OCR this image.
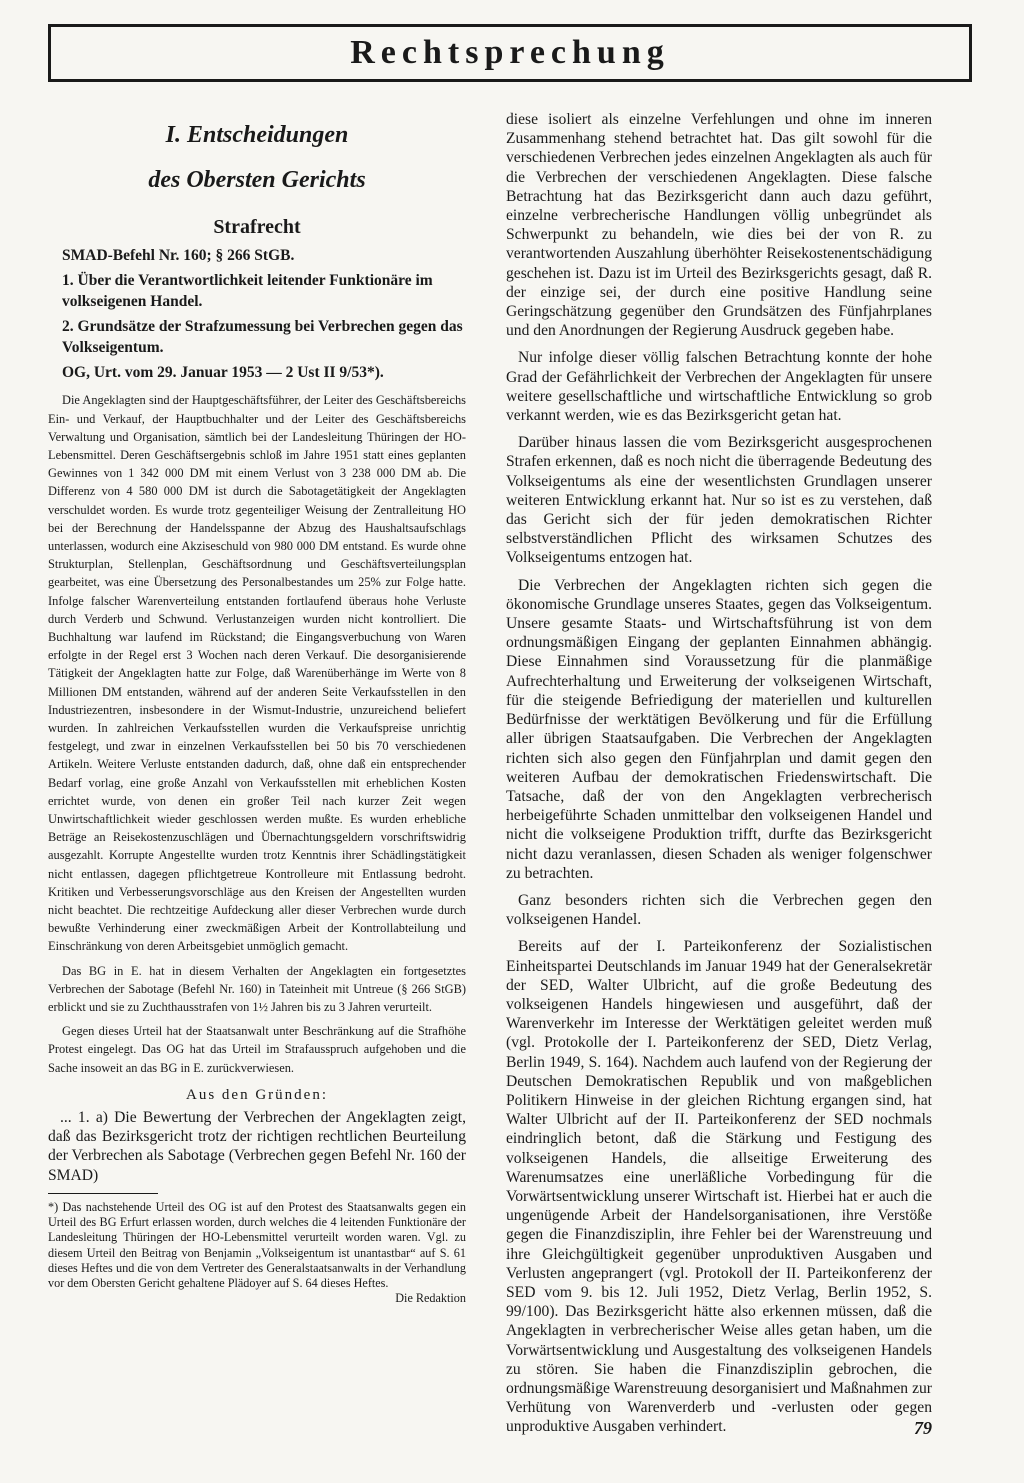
Rechtsprechung
I. Entscheidungen
des Obersten Gerichts
Strafrecht
SMAD-Befehl Nr. 160; § 266 StGB.
1. Über die Verantwortlichkeit leitender Funktionäre im volkseigenen Handel.
2. Grundsätze der Strafzumessung bei Verbrechen gegen das Volkseigentum.
OG, Urt. vom 29. Januar 1953 — 2 Ust II 9/53*).

Die Angeklagten sind der Hauptgeschäftsführer, der Leiter des Geschäftsbereichs Ein- und Verkauf, der Hauptbuchhalter und der Leiter des Geschäftsbereichs Verwaltung und Organisation, sämtlich bei der Landesleitung Thüringen der HO-Lebensmittel. Deren Geschäftsergebnis schloß im Jahre 1951 statt eines geplanten Gewinnes von 1 342 000 DM mit einem Verlust von 3 238 000 DM ab. Die Differenz von 4 580 000 DM ist durch die Sabotagetätigkeit der Angeklagten verschuldet worden. Es wurde trotz gegenteiliger Weisung der Zentralleitung HO bei der Berechnung der Handelsspanne der Abzug des Haushaltsaufschlags unterlassen, wodurch eine Akziseschuld von 980 000 DM entstand. Es wurde ohne Strukturplan, Stellenplan, Geschäftsordnung und Geschäftsverteilungsplan gearbeitet, was eine Übersetzung des Personalbestandes um 25% zur Folge hatte. Infolge falscher Warenverteilung entstanden fortlaufend überaus hohe Verluste durch Verderb und Schwund. Verlustanzeigen wurden nicht kontrolliert. Die Buchhaltung war laufend im Rückstand; die Eingangsverbuchung von Waren erfolgte in der Regel erst 3 Wochen nach deren Verkauf. Die desorganisierende Tätigkeit der Angeklagten hatte zur Folge, daß Warenüberhänge im Werte von 8 Millionen DM entstanden, während auf der anderen Seite Verkaufsstellen in den Industriezentren, insbesondere in der Wismut-Industrie, unzureichend beliefert wurden. In zahlreichen Verkaufsstellen wurden die Verkaufspreise unrichtig festgelegt, und zwar in einzelnen Verkaufsstellen bei 50 bis 70 verschiedenen Artikeln. Weitere Verluste entstanden dadurch, daß, ohne daß ein entsprechender Bedarf vorlag, eine große Anzahl von Verkaufsstellen mit erheblichen Kosten errichtet wurde, von denen ein großer Teil nach kurzer Zeit wegen Unwirtschaftlichkeit wieder geschlossen werden mußte. Es wurden erhebliche Beträge an Reisekostenzuschlägen und Übernachtungsgeldern vorschriftswidrig ausgezahlt. Korrupte Angestellte wurden trotz Kenntnis ihrer Schädlingstätigkeit nicht entlassen, dagegen pflichtgetreue Kontrolleure mit Entlassung bedroht. Kritiken und Verbesserungsvorschläge aus den Kreisen der Angestellten wurden nicht beachtet. Die rechtzeitige Aufdeckung aller dieser Verbrechen wurde durch bewußte Verhinderung einer zweckmäßigen Arbeit der Kontrollabteilung und Einschränkung von deren Arbeitsgebiet unmöglich gemacht.

Das BG in E. hat in diesem Verhalten der Angeklagten ein fortgesetztes Verbrechen der Sabotage (Befehl Nr. 160) in Tateinheit mit Untreue (§ 266 StGB) erblickt und sie zu Zuchthausstrafen von 1½ Jahren bis zu 3 Jahren verurteilt.

Gegen dieses Urteil hat der Staatsanwalt unter Beschränkung auf die Strafhöhe Protest eingelegt. Das OG hat das Urteil im Strafausspruch aufgehoben und die Sache insoweit an das BG in E. zurückverwiesen.

Aus den Gründen:

... 1. a) Die Bewertung der Verbrechen der Angeklagten zeigt, daß das Bezirksgericht trotz der richtigen rechtlichen Beurteilung der Verbrechen als Sabotage (Verbrechen gegen Befehl Nr. 160 der SMAD)

*) Das nachstehende Urteil des OG ist auf den Protest des Staatsanwalts gegen ein Urteil des BG Erfurt erlassen worden, durch welches die 4 leitenden Funktionäre der Landesleitung Thüringen der HO-Lebensmittel verurteilt worden waren. Vgl. zu diesem Urteil den Beitrag von Benjamin „Volkseigentum ist unantastbar“ auf S. 61 dieses Heftes und die von dem Vertreter des Generalstaatsanwalts in der Verhandlung vor dem Obersten Gericht gehaltene Plädoyer auf S. 64 dieses Heftes.

Die Redaktion

diese isoliert als einzelne Verfehlungen und ohne im inneren Zusammenhang stehend betrachtet hat. Das gilt sowohl für die verschiedenen Verbrechen jedes einzelnen Angeklagten als auch für die Verbrechen der verschiedenen Angeklagten. Diese falsche Betrachtung hat das Bezirksgericht dann auch dazu geführt, einzelne verbrecherische Handlungen völlig unbegründet als Schwerpunkt zu behandeln, wie dies bei der von R. zu verantwortenden Auszahlung überhöhter Reisekostenentschädigung geschehen ist. Dazu ist im Urteil des Bezirksgerichts gesagt, daß R. der einzige sei, der durch eine positive Handlung seine Geringschätzung gegenüber den Grundsätzen des Fünfjahrplanes und den Anordnungen der Regierung Ausdruck gegeben habe.

Nur infolge dieser völlig falschen Betrachtung konnte der hohe Grad der Gefährlichkeit der Verbrechen der Angeklagten für unsere weitere gesellschaftliche und wirtschaftliche Entwicklung so grob verkannt werden, wie es das Bezirksgericht getan hat.

Darüber hinaus lassen die vom Bezirksgericht ausgesprochenen Strafen erkennen, daß es noch nicht die überragende Bedeutung des Volkseigentums als eine der wesentlichsten Grundlagen unserer weiteren Entwicklung erkannt hat. Nur so ist es zu verstehen, daß das Gericht sich der für jeden demokratischen Richter selbstverständlichen Pflicht des wirksamen Schutzes des Volkseigentums entzogen hat.

Die Verbrechen der Angeklagten richten sich gegen die ökonomische Grundlage unseres Staates, gegen das Volkseigentum. Unsere gesamte Staats- und Wirtschaftsführung ist von dem ordnungsmäßigen Eingang der geplanten Einnahmen abhängig. Diese Einnahmen sind Voraussetzung für die planmäßige Aufrechterhaltung und Erweiterung der volkseigenen Wirtschaft, für die steigende Befriedigung der materiellen und kulturellen Bedürfnisse der werktätigen Bevölkerung und für die Erfüllung aller übrigen Staatsaufgaben. Die Verbrechen der Angeklagten richten sich also gegen den Fünfjahrplan und damit gegen den weiteren Aufbau der demokratischen Friedenswirtschaft. Die Tatsache, daß der von den Angeklagten verbrecherisch herbeigeführte Schaden unmittelbar den volkseigenen Handel und nicht die volkseigene Produktion trifft, durfte das Bezirksgericht nicht dazu veranlassen, diesen Schaden als weniger folgenschwer zu betrachten.

Ganz besonders richten sich die Verbrechen gegen den volkseigenen Handel.

Bereits auf der I. Parteikonferenz der Sozialistischen Einheitspartei Deutschlands im Januar 1949 hat der Generalsekretär der SED, Walter Ulbricht, auf die große Bedeutung des volkseigenen Handels hingewiesen und ausgeführt, daß der Warenverkehr im Interesse der Werktätigen geleitet werden muß (vgl. Protokolle der I. Parteikonferenz der SED, Dietz Verlag, Berlin 1949, S. 164). Nachdem auch laufend von der Regierung der Deutschen Demokratischen Republik und von maßgeblichen Politikern Hinweise in der gleichen Richtung ergangen sind, hat Walter Ulbricht auf der II. Parteikonferenz der SED nochmals eindringlich betont, daß die Stärkung und Festigung des volkseigenen Handels, die allseitige Erweiterung des Warenumsatzes eine unerläßliche Vorbedingung für die Vorwärtsentwicklung unserer Wirtschaft ist. Hierbei hat er auch die ungenügende Arbeit der Handelsorganisationen, ihre Verstöße gegen die Finanzdisziplin, ihre Fehler bei der Warenstreuung und ihre Gleichgültigkeit gegenüber unproduktiven Ausgaben und Verlusten angeprangert (vgl. Protokoll der II. Parteikonferenz der SED vom 9. bis 12. Juli 1952, Dietz Verlag, Berlin 1952, S. 99/100). Das Bezirksgericht hätte also erkennen müssen, daß die Angeklagten in verbrecherischer Weise alles getan haben, um die Vorwärtsentwicklung und Ausgestaltung des volkseigenen Handels zu stören. Sie haben die Finanzdisziplin gebrochen, die ordnungsmäßige Warenstreuung desorganisiert und Maßnahmen zur Verhütung von Warenverderb und -verlusten oder gegen unproduktive Ausgaben verhindert.	79
